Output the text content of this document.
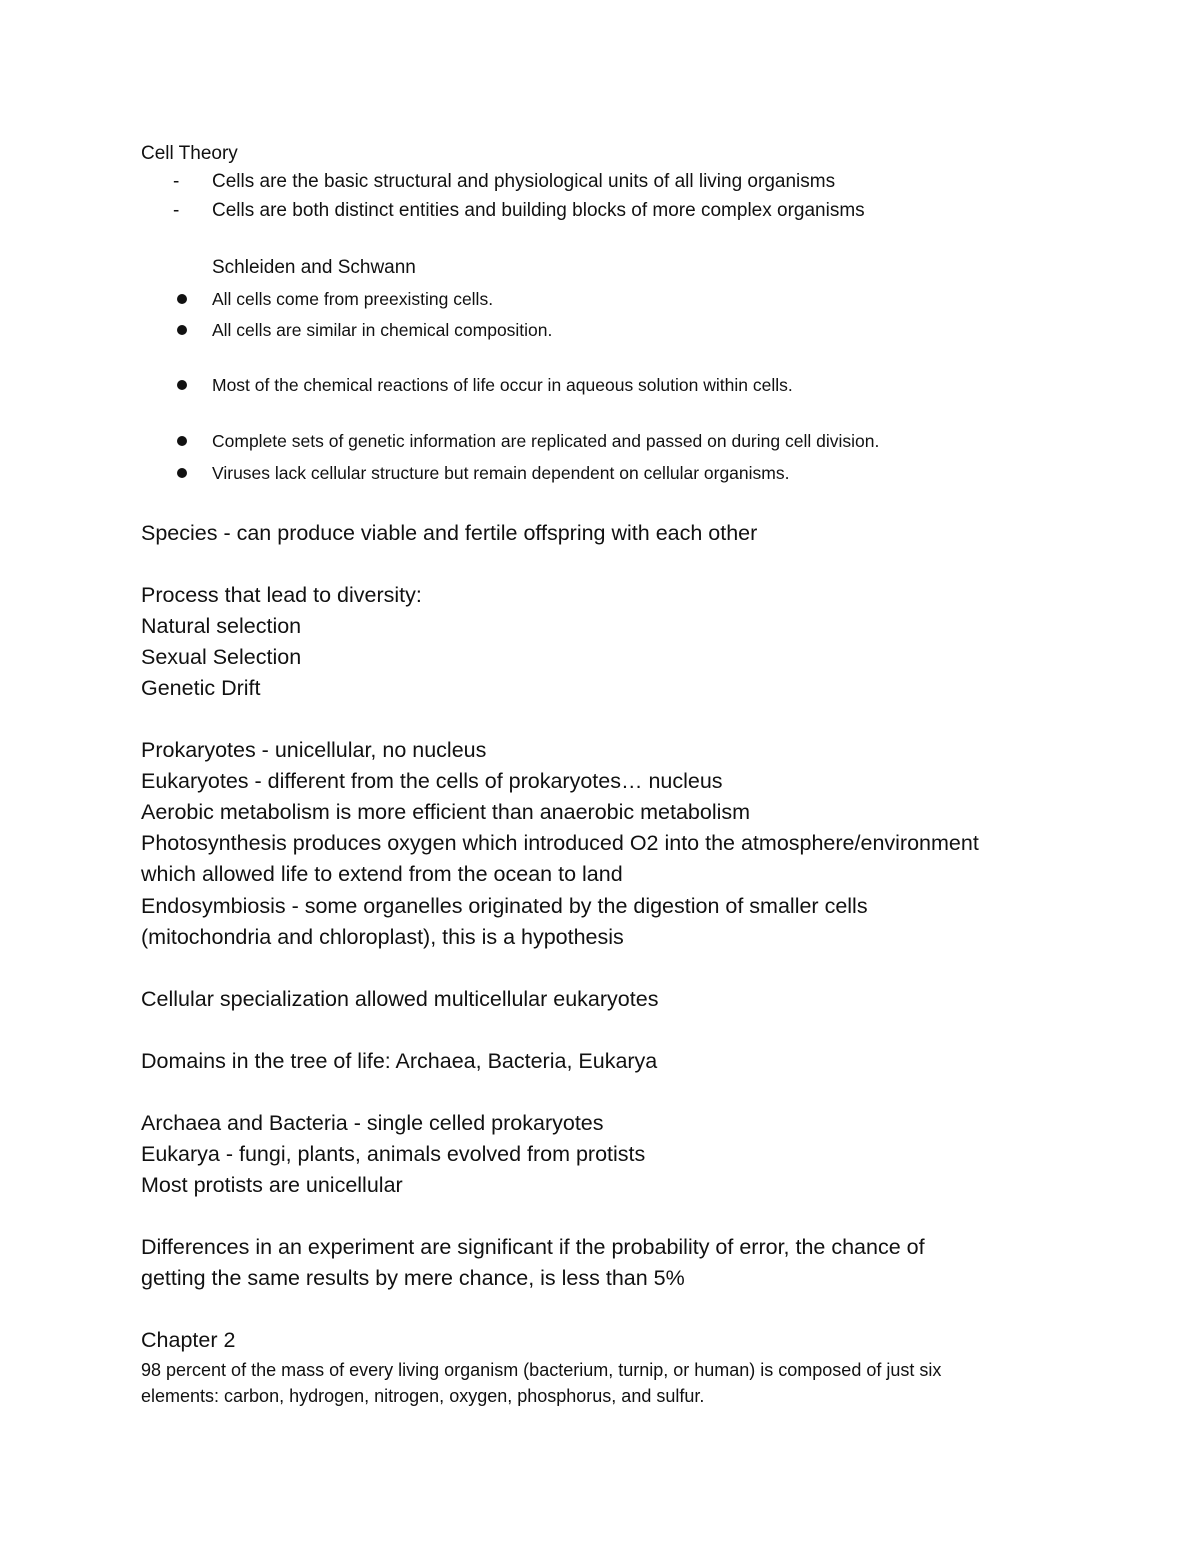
Cell Theory
- Cells are the basic structural and physiological units of all living organisms
- Cells are both distinct entities and building blocks of more complex organisms
Schleiden and Schwann
All cells come from preexisting cells.
All cells are similar in chemical composition.
Most of the chemical reactions of life occur in aqueous solution within cells.
Complete sets of genetic information are replicated and passed on during cell division.
Viruses lack cellular structure but remain dependent on cellular organisms.
Species - can produce viable and fertile offspring with each other
Process that lead to diversity:
Natural selection
Sexual Selection
Genetic Drift
Prokaryotes - unicellular, no nucleus
Eukaryotes - different from the cells of prokaryotes… nucleus
Aerobic metabolism is more efficient than anaerobic metabolism
Photosynthesis produces oxygen which introduced O2 into the atmosphere/environment
which allowed life to extend from the ocean to land
Endosymbiosis - some organelles originated by the digestion of smaller cells
(mitochondria and chloroplast), this is a hypothesis
Cellular specialization allowed multicellular eukaryotes
Domains in the tree of life: Archaea, Bacteria, Eukarya
Archaea and Bacteria - single celled prokaryotes
Eukarya - fungi, plants, animals evolved from protists
Most protists are unicellular
Differences in an experiment are significant if the probability of error, the chance of
getting the same results by mere chance, is less than 5%
Chapter 2
98 percent of the mass of every living organism (bacterium, turnip, or human) is composed of just six
elements: carbon, hydrogen, nitrogen, oxygen, phosphorus, and sulfur.
